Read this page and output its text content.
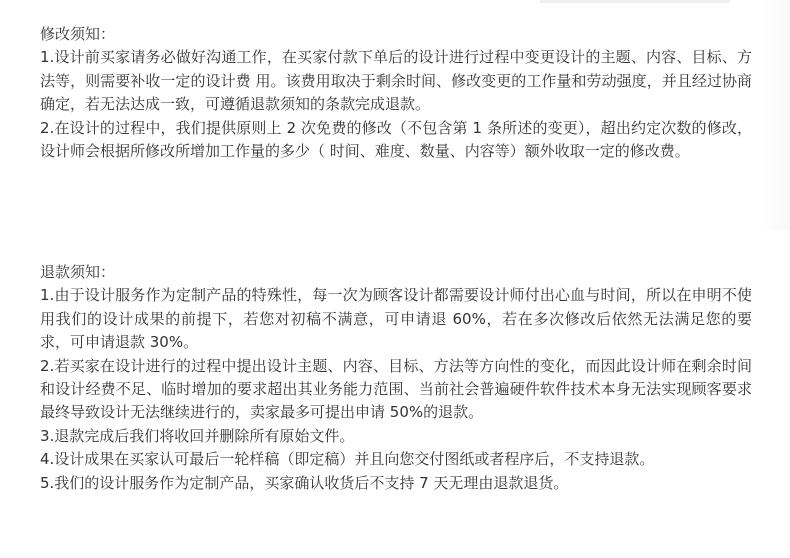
修改须知：

1.设计前买家请务必做好沟通工作，在买家付款下单后的设计进行过程中变更设计的主题、内容、目标、方法等，则需要补收一定的设计费 用。该费用取决于剩余时间、修改变更的工作量和劳动强度，并且经过协商确定，若无法达成一致，可遵循退款须知的条款完成退款。

2.在设计的过程中，我们提供原则上 2 次免费的修改（不包含第 1 条所述的变更），超出约定次数的修改，设计师会根据所修改所增加工作量的多少（ 时间、难度、数量、内容等）额外收取一定的修改费。

退款须知：

1.由于设计服务作为定制产品的特殊性，每一次为顾客设计都需要设计师付出心血与时间，所以在申明不使用我们的设计成果的前提下，若您对初稿不满意，可申请退 60%，若在多次修改后依然无法满足您的要求，可申请退款 30%。

2.若买家在设计进行的过程中提出设计主题、内容、目标、方法等方向性的变化，而因此设计师在剩余时间和设计经费不足、临时增加的要求超出其业务能力范围、当前社会普遍硬件软件技术本身无法实现顾客要求最终导致设计无法继续进行的，卖家最多可提出申请 50%的退款。

3.退款完成后我们将收回并删除所有原始文件。

4.设计成果在买家认可最后一轮样稿（即定稿）并且向您交付图纸或者程序后，不支持退款。

5.我们的设计服务作为定制产品，买家确认收货后不支持 7 天无理由退款退货。
